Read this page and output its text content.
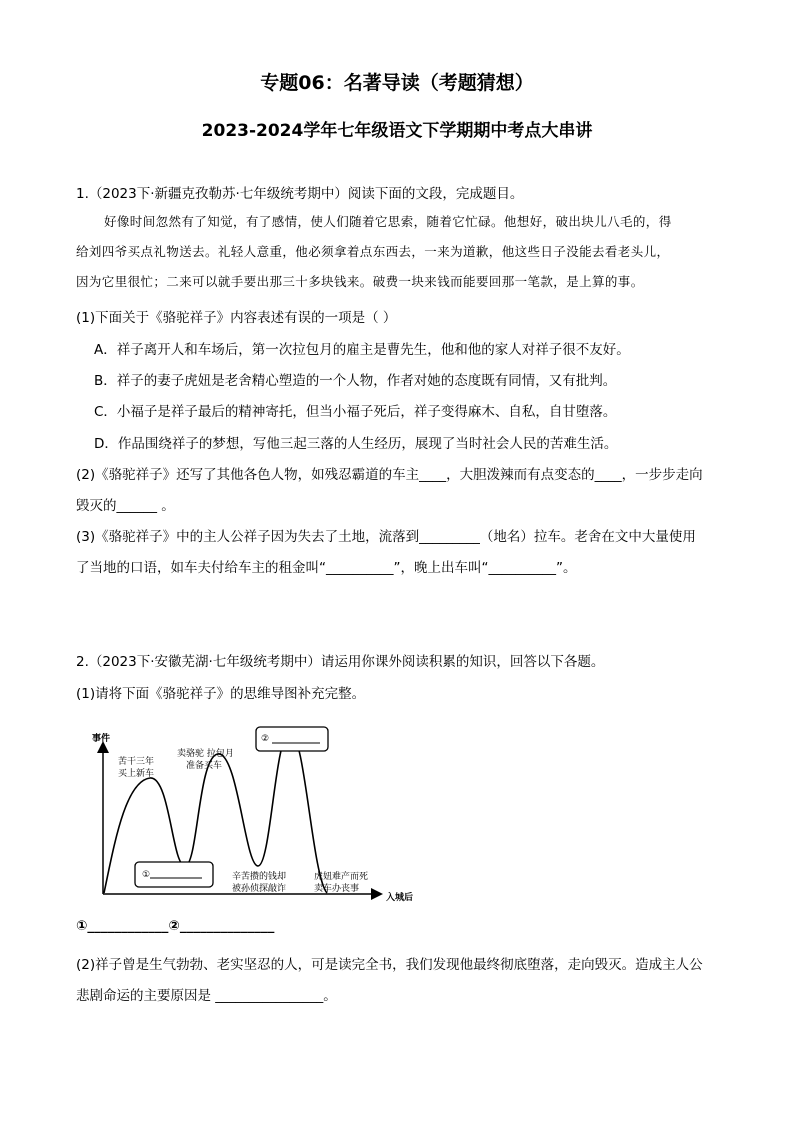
专题06：名著导读（考题猜想）
2023-2024学年七年级语文下学期期中考点大串讲
1.（2023下·新疆克孜勒苏·七年级统考期中）阅读下面的文段，完成题目。
好像时间忽然有了知觉，有了感情，使人们随着它思索，随着它忙碌。他想好，破出块儿八毛的，得
给刘四爷买点礼物送去。礼轻人意重，他必须拿着点东西去，一来为道歉，他这些日子没能去看老头儿，
因为它里很忙；二来可以就手要出那三十多块钱来。破费一块来钱而能要回那一笔款，是上算的事。
(1)下面关于《骆驼祥子》内容表述有误的一项是（ ）
A．祥子离开人和车场后，第一次拉包月的雇主是曹先生，他和他的家人对祥子很不友好。
B．祥子的妻子虎妞是老舍精心塑造的一个人物，作者对她的态度既有同情，又有批判。
C．小福子是祥子最后的精神寄托，但当小福子死后，祥子变得麻木、自私，自甘堕落。
D．作品围绕祥子的梦想，写他三起三落的人生经历，展现了当时社会人民的苦难生活。
(2)《骆驼祥子》还写了其他各色人物，如残忍霸道的车主____，大胆泼辣而有点变态的____，一步步走向
毁灭的______ 。
(3)《骆驼祥子》中的主人公祥子因为失去了土地，流落到_________（地名）拉车。老舍在文中大量使用
了当地的口语，如车夫付给车主的租金叫“__________”，晚上出车叫“__________”。
2.（2023下·安徽芜湖·七年级统考期中）请运用你课外阅读积累的知识，回答以下各题。
(1)请将下面《骆驼祥子》的思维导图补充完整。
事件
入城后
苦干三年
买上新车
卖骆驼 拉包月
准备买车
辛苦攒的钱却
被孙侦探敲诈
虎妞难产而死
卖车办丧事
①
②
①____________②______________
(2)祥子曾是生气勃勃、老实坚忍的人，可是读完全书，我们发现他最终彻底堕落，走向毁灭。造成主人公
悲剧命运的主要原因是 ________________。
